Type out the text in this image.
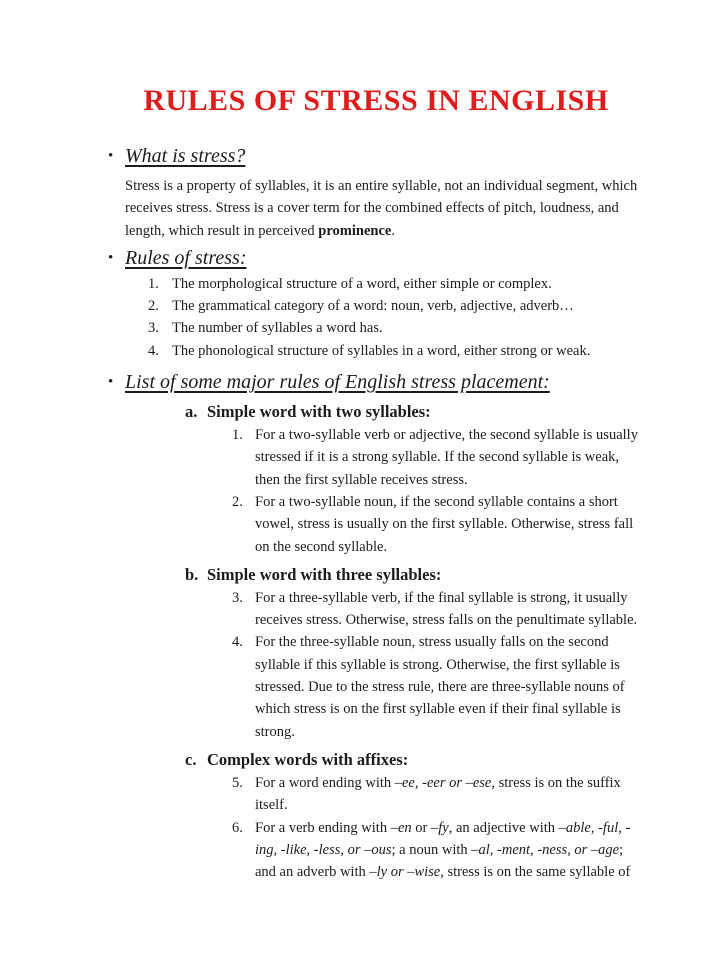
RULES OF STRESS IN ENGLISH
• What is stress?

Stress is a property of syllables, it is an entire syllable, not an individual segment, which receives stress. Stress is a cover term for the combined effects of pitch, loudness, and length, which result in perceived prominence.

• Rules of stress:
1. The morphological structure of a word, either simple or complex.
2. The grammatical category of a word: noun, verb, adjective, adverb…
3. The number of syllables a word has.
4. The phonological structure of syllables in a word, either strong or weak.
• List of some major rules of English stress placement:
a. Simple word with two syllables:
1. For a two-syllable verb or adjective, the second syllable is usually stressed if it is a strong syllable. If the second syllable is weak, then the first syllable receives stress.
2. For a two-syllable noun, if the second syllable contains a short vowel, stress is usually on the first syllable. Otherwise, stress fall on the second syllable.
b. Simple word with three syllables:
3. For a three-syllable verb, if the final syllable is strong, it usually receives stress. Otherwise, stress falls on the penultimate syllable.
4. For the three-syllable noun, stress usually falls on the second syllable if this syllable is strong. Otherwise, the first syllable is stressed. Due to the stress rule, there are three-syllable nouns of which stress is on the first syllable even if their final syllable is strong.
c. Complex words with affixes:
5. For a word ending with –ee, -eer or –ese, stress is on the suffix itself.
6. For a verb ending with –en or –fy, an adjective with –able, -ful, -ing, -like, -less, or –ous; a noun with –al, -ment, -ness, or –age; and an adverb with –ly or –wise, stress is on the same syllable of
